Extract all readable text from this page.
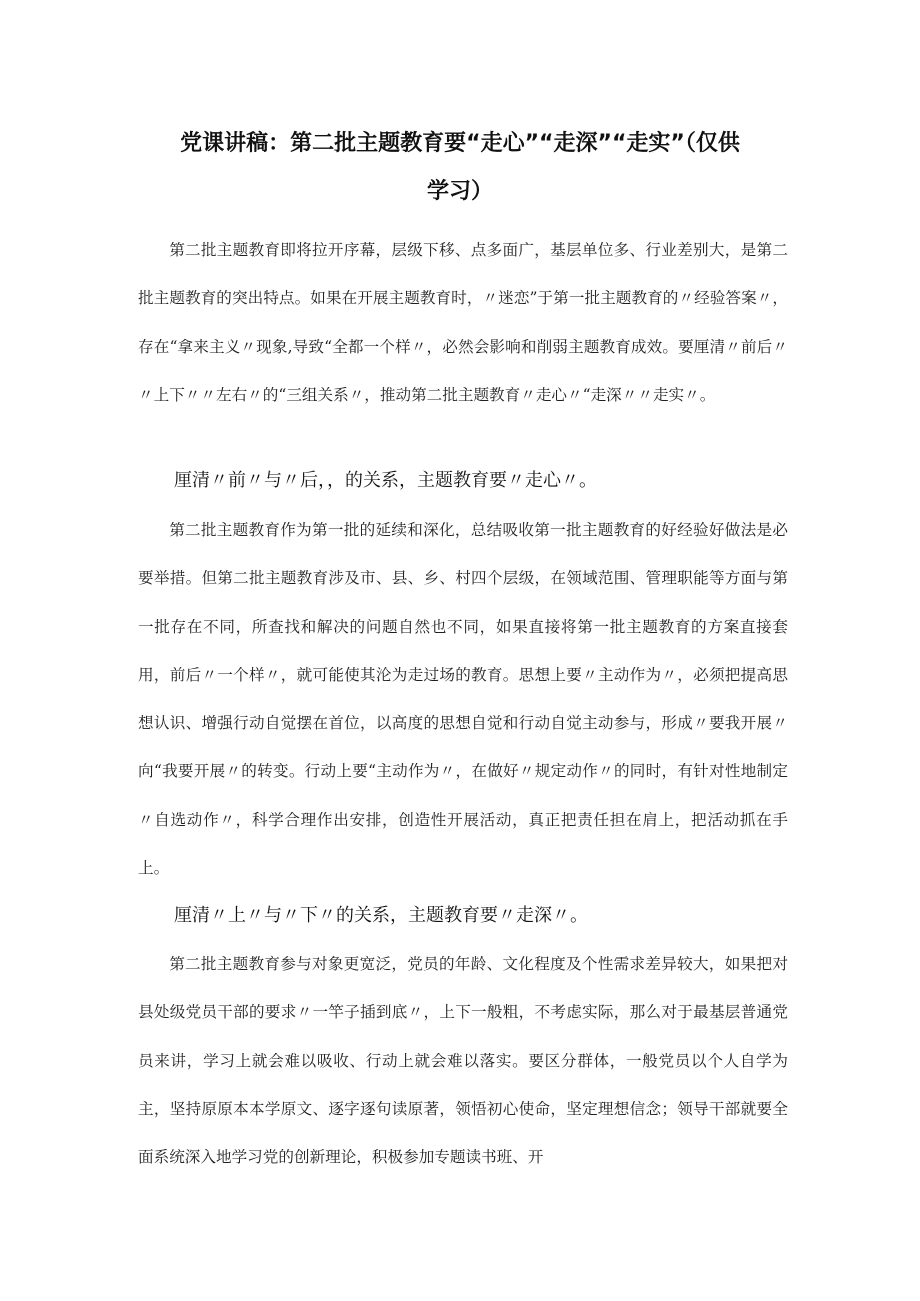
党课讲稿：第二批主题教育要“走心”“走深”“走实”（仅供
学习）

第二批主题教育即将拉开序幕，层级下移、点多面广，基层单位多、行业差别大，是第二批主题教育的突出特点。如果在开展主题教育时，〃迷恋”于第一批主题教育的〃经验答案〃，存在“拿来主义〃现象,导致“全都一个样〃，必然会影响和削弱主题教育成效。要厘清〃前后〃〃上下〃〃左右〃的“三组关系〃，推动第二批主题教育〃走心〃“走深〃〃走实〃。

厘清〃前〃与〃后，，的关系，主题教育要〃走心〃。

第二批主题教育作为第一批的延续和深化，总结吸收第一批主题教育的好经验好做法是必要举措。但第二批主题教育涉及市、县、乡、村四个层级，在领域范围、管理职能等方面与第一批存在不同，所查找和解决的问题自然也不同，如果直接将第一批主题教育的方案直接套用，前后〃一个样〃，就可能使其沦为走过场的教育。思想上要〃主动作为〃，必须把提高思想认识、增强行动自觉摆在首位，以高度的思想自觉和行动自觉主动参与，形成〃要我开展〃向“我要开展〃的转变。行动上要“主动作为〃，在做好〃规定动作〃的同时，有针对性地制定〃自选动作〃，科学合理作出安排，创造性开展活动，真正把责任担在肩上，把活动抓在手上。

厘清〃上〃与〃下〃的关系，主题教育要〃走深〃。

第二批主题教育参与对象更宽泛，党员的年龄、文化程度及个性需求差异较大，如果把对县处级党员干部的要求〃一竿子插到底〃，上下一般粗，不考虑实际，那么对于最基层普通党员来讲，学习上就会难以吸收、行动上就会难以落实。要区分群体，一般党员以个人自学为主，坚持原原本本学原文、逐字逐句读原著，领悟初心使命，坚定理想信念；领导干部就要全面系统深入地学习党的创新理论，积极参加专题读书班、开
